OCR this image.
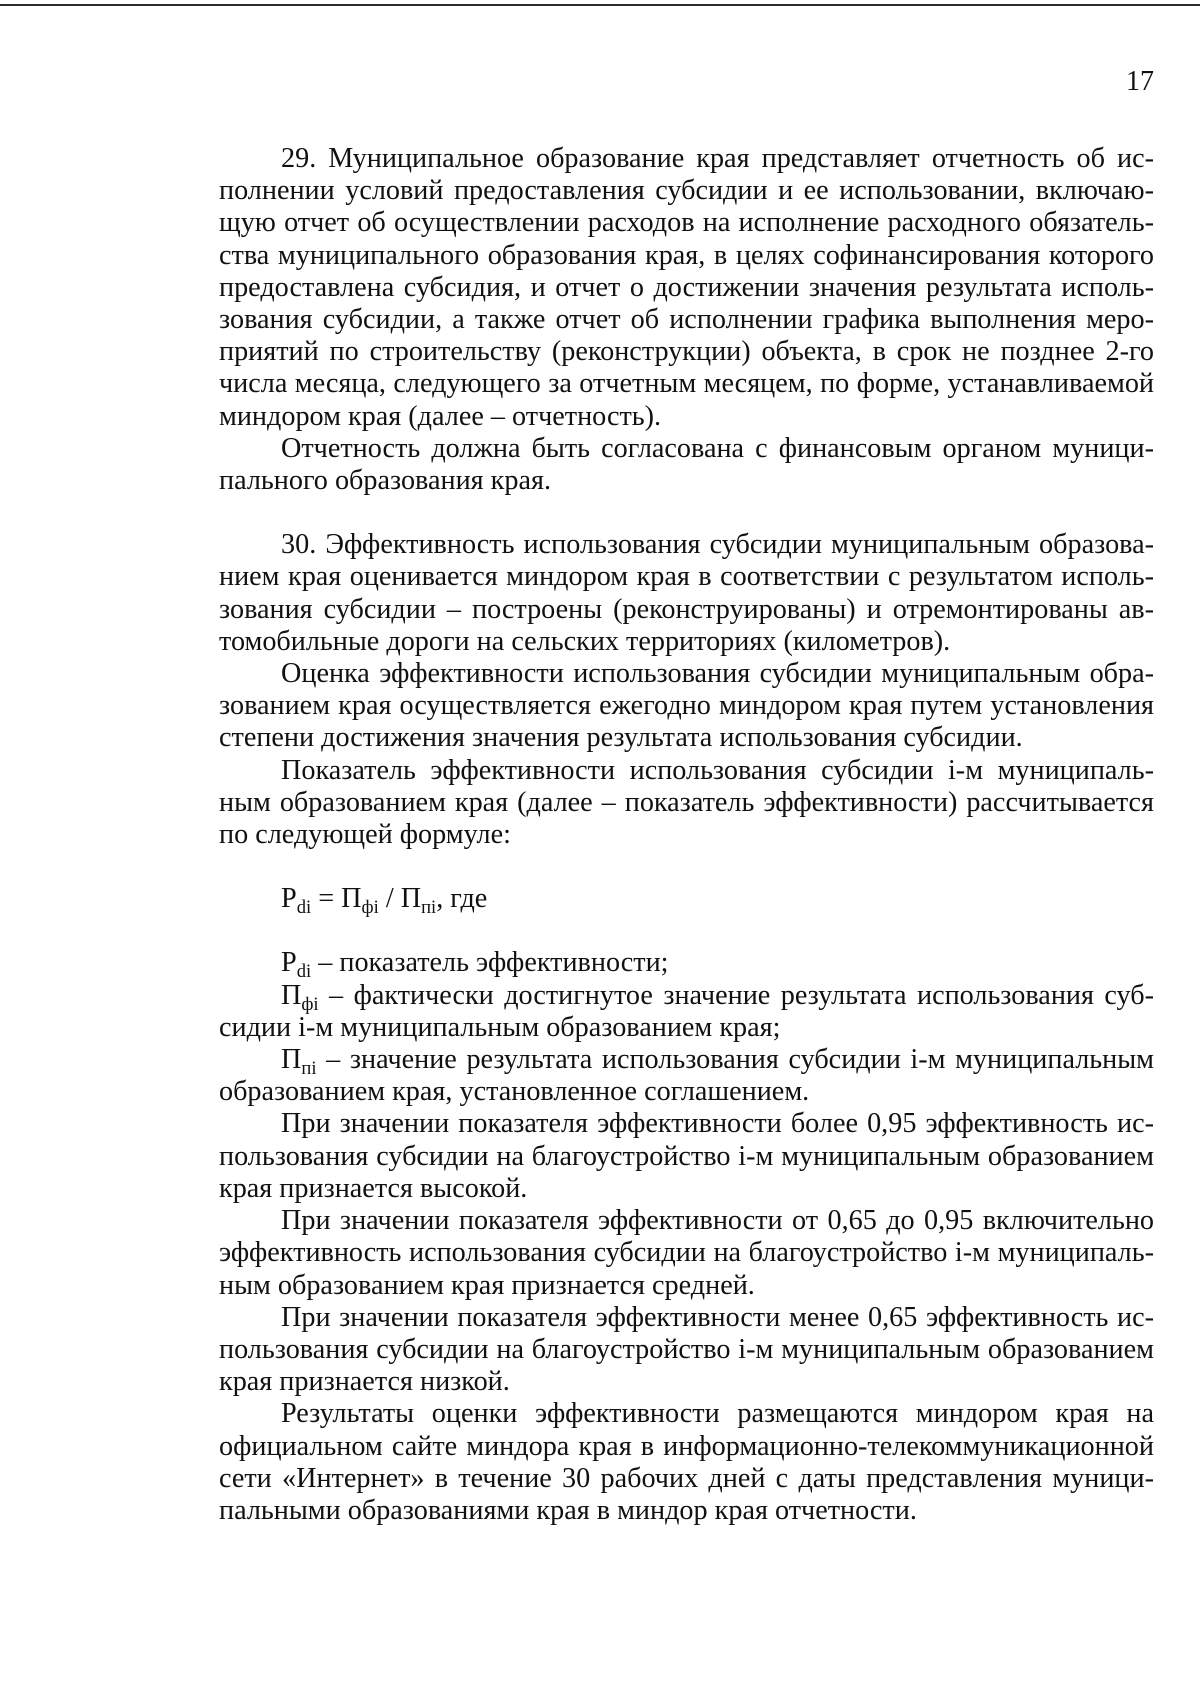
17

29. Муниципальное образование края представляет отчетность об исполнении условий предоставления субсидии и ее использовании, включающую отчет об осуществлении расходов на исполнение расходного обязательства муниципального образования края, в целях софинансирования которого предоставлена субсидия, и отчет о достижении значения результата использования субсидии, а также отчет об исполнении графика выполнения мероприятий по строительству (реконструкции) объекта, в срок не позднее 2-го числа месяца, следующего за отчетным месяцем, по форме, устанавливаемой миндором края (далее – отчетность).

Отчетность должна быть согласована с финансовым органом муниципального образования края.

30. Эффективность использования субсидии муниципальным образованием края оценивается миндором края в соответствии с результатом использования субсидии – построены (реконструированы) и отремонтированы автомобильные дороги на сельских территориях (километров).

Оценка эффективности использования субсидии муниципальным образованием края осуществляется ежегодно миндором края путем установления степени достижения значения результата использования субсидии.

Показатель эффективности использования субсидии i-м муниципальным образованием края (далее – показатель эффективности) рассчитывается по следующей формуле:

$P_{di} = П_{фi} / П_{пi}$, где

$P_{di}$ – показатель эффективности;

$П_{фi}$ – фактически достигнутое значение результата использования субсидии i-м муниципальным образованием края;

$П_{пi}$ – значение результата использования субсидии i-м муниципальным образованием края, установленное соглашением.

При значении показателя эффективности более 0,95 эффективность использования субсидии на благоустройство i-м муниципальным образованием края признается высокой.

При значении показателя эффективности от 0,65 до 0,95 включительно эффективность использования субсидии на благоустройство i-м муниципальным образованием края признается средней.

При значении показателя эффективности менее 0,65 эффективность использования субсидии на благоустройство i-м муниципальным образованием края признается низкой.

Результаты оценки эффективности размещаются миндором края на официальном сайте миндора края в информационно-телекоммуникационной сети «Интернет» в течение 30 рабочих дней с даты представления муниципальными образованиями края в миндор края отчетности.
